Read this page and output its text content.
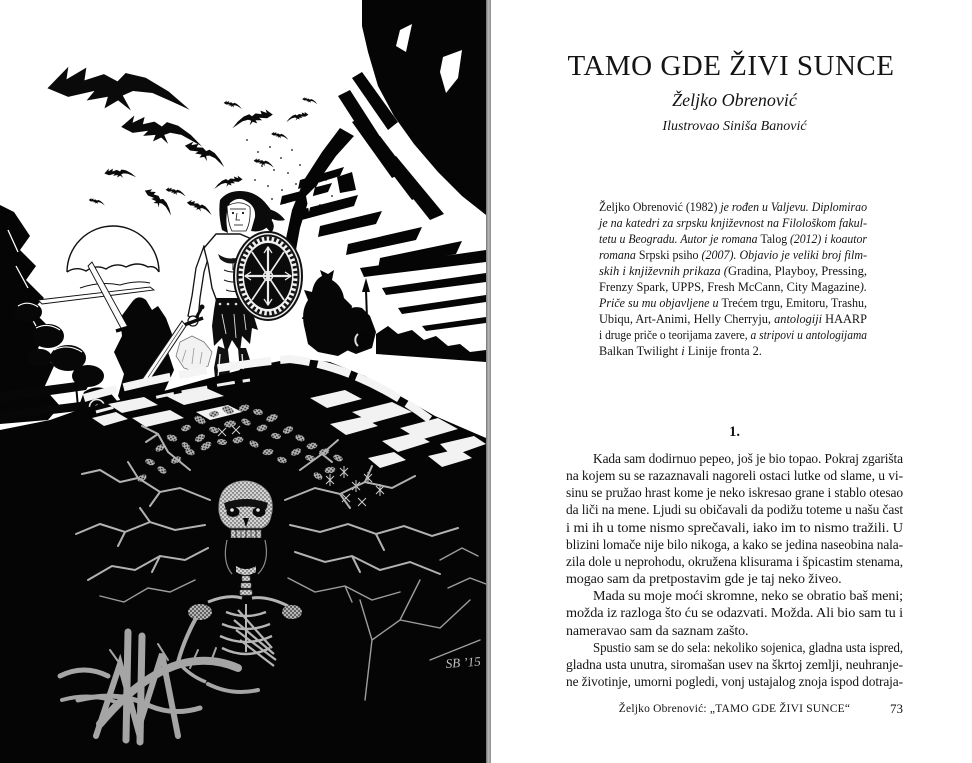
SB ’15
TAMO GDE ŽIVI SUNCE
Željko Obrenović
Ilustrovao Siniša Banović
Željko Obrenović (1982) je rođen u Valjevu. Diplomirao
je na katedri za srpsku književnost na Filološkom fakul-
tetu u Beogradu. Autor je romana Talog (2012) i koautor
romana Srpski psiho (2007). Objavio je veliki broj film-
skih i književnih prikaza (Gradina, Playboy, Pressing,
Frenzy Spark, UPPS, Fresh McCann, City Magazine).
Priče su mu objavljene u Trećem trgu, Emitoru, Trashu,
Ubiqu, Art-Animi, Helly Cherryju, antologiji HAARP
i druge priče o teorijama zavere, a stripovi u antologijama
Balkan Twilight i Linije fronta 2.
1.
Kada sam dodirnuo pepeo, još je bio topao. Pokraj zgarišta
na kojem su se razaznavali nagoreli ostaci lutke od slame, u vi-
sinu se pružao hrast kome je neko iskresao grane i stablo otesao
da liči na mene. Ljudi su običavali da podižu toteme u našu čast
i mi ih u tome nismo sprečavali, iako im to nismo tražili. U
blizini lomače nije bilo nikoga, a kako se jedina naseobina nala-
zila dole u neprohodu, okružena klisurama i špicastim stenama,
mogao sam da pretpostavim gde je taj neko živeo.
Mada su moje moći skromne, neko se obratio baš meni;
možda iz razloga što ću se odazvati. Možda. Ali bio sam tu i
nameravao sam da saznam zašto.
Spustio sam se do sela: nekoliko sojenica, gladna usta ispred,
gladna usta unutra, siromašan usev na škrtoj zemlji, neuhranje-
ne životinje, umorni pogledi, vonj ustajalog znoja ispod dotraja-
Željko Obrenović: „TAMO GDE ŽIVI SUNCE“	73
